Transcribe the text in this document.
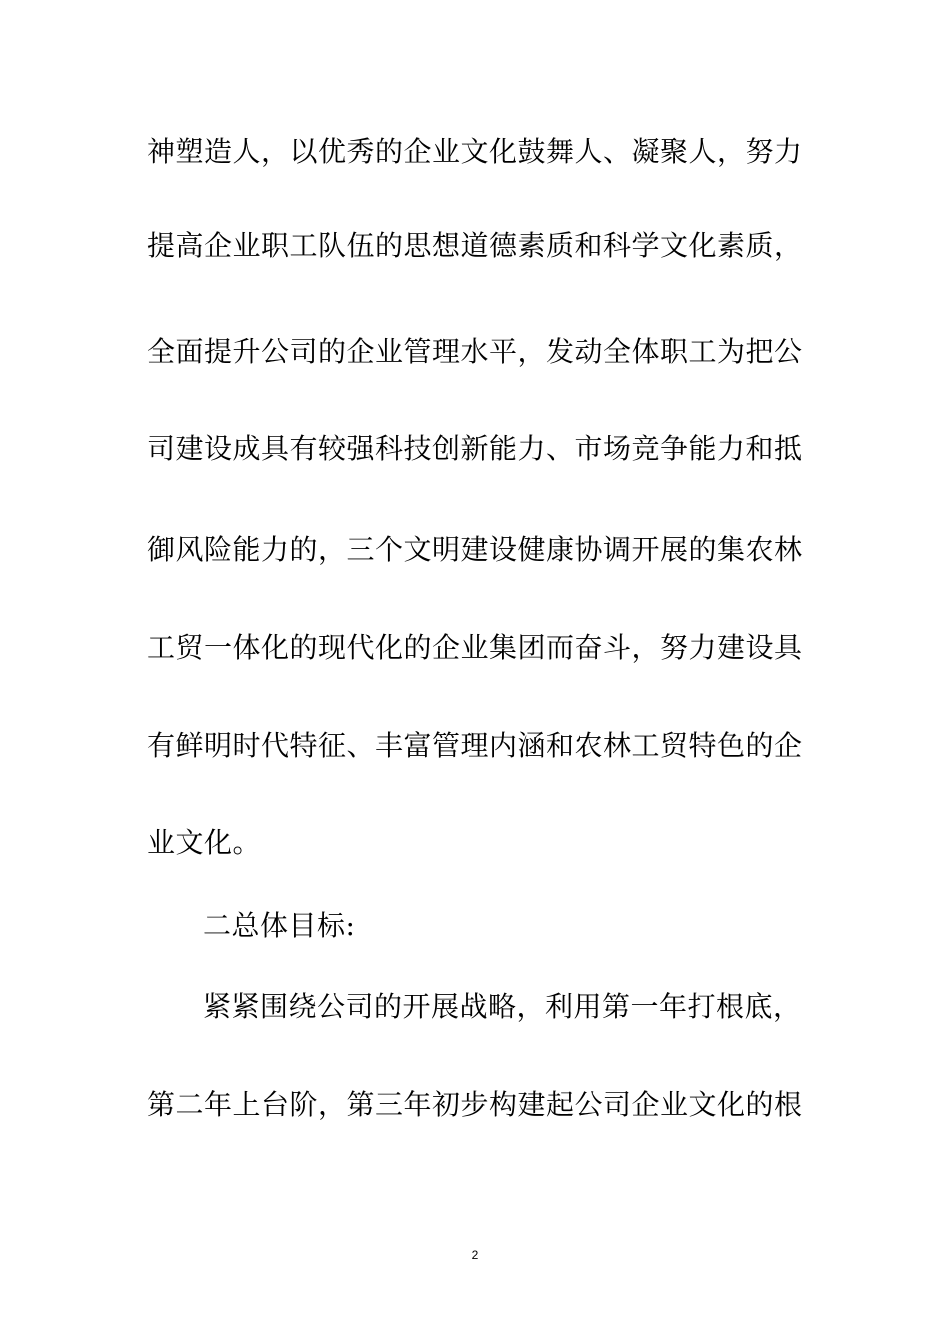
神塑造人，以优秀的企业文化鼓舞人、凝聚人，努力
提高企业职工队伍的思想道德素质和科学文化素质，
全面提升公司的企业管理水平，发动全体职工为把公
司建设成具有较强科技创新能力、市场竞争能力和抵
御风险能力的，三个文明建设健康协调开展的集农林
工贸一体化的现代化的企业集团而奋斗，努力建设具
有鲜明时代特征、丰富管理内涵和农林工贸特色的企
业文化。
二总体目标:
紧紧围绕公司的开展战略，利用第一年打根底，
第二年上台阶，第三年初步构建起公司企业文化的根
2
